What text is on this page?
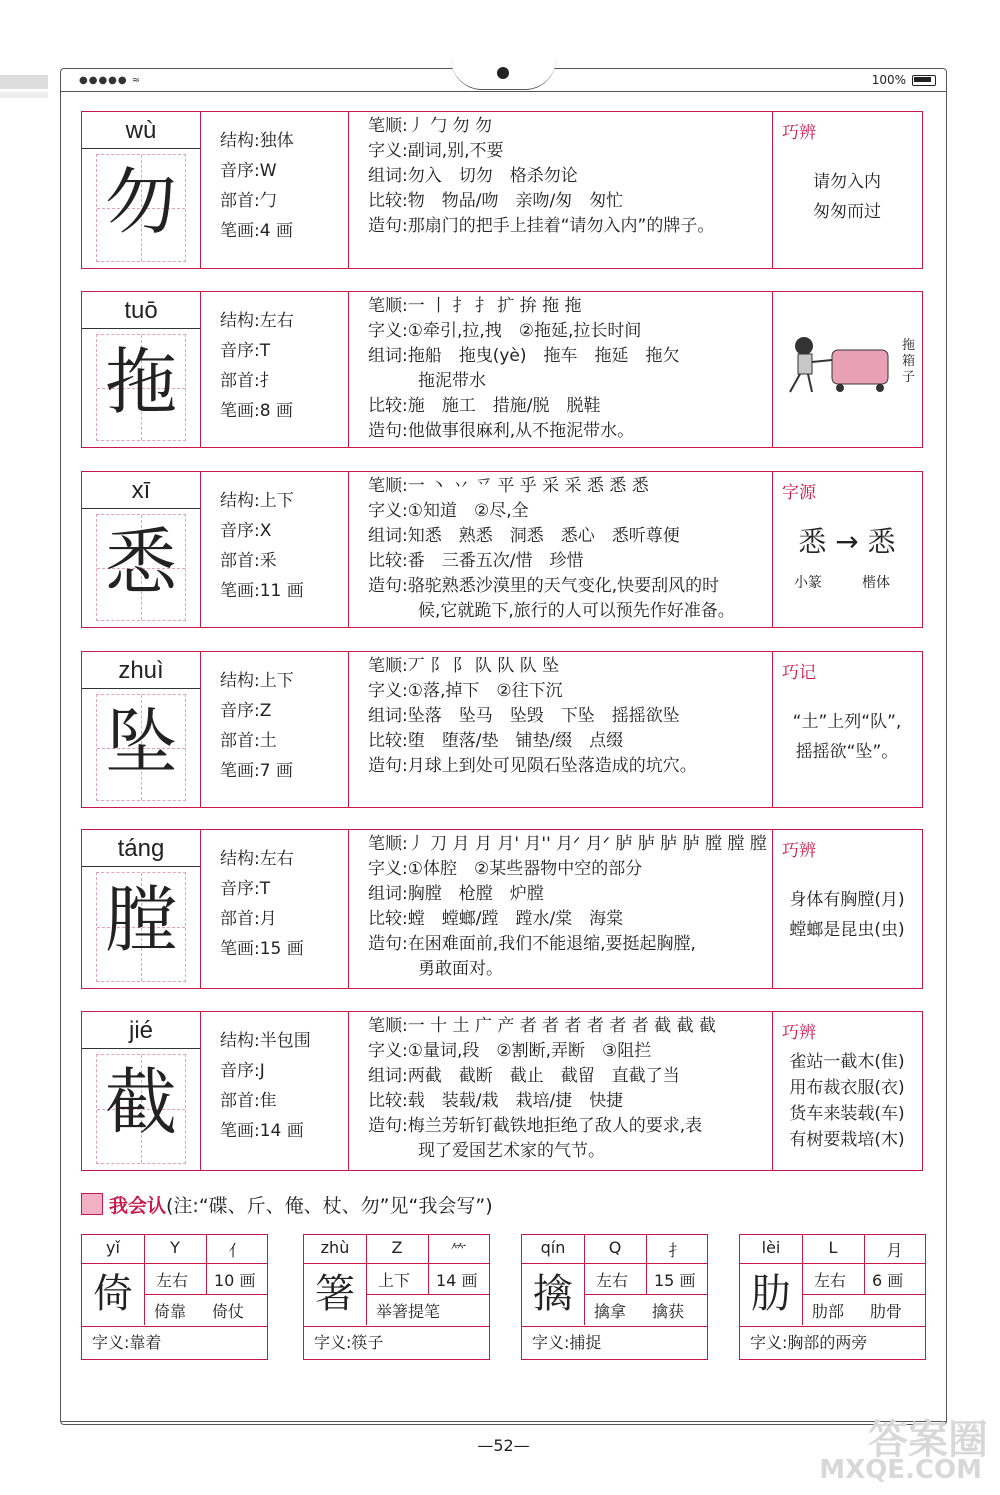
●●●●● ≈	100%
wù
勿
结构:独体
音序:W
部首:勹
笔画:4 画
笔顺:丿 勹 勿 勿
字义:副词,别,不要
组词:勿入　切勿　格杀勿论
比较:物　物品/吻　亲吻/匆　匆忙
造句:那扇门的把手上挂着“请勿入内”的牌子。
巧辨
请勿入内
匆匆而过
tuō
拖
结构:左右
音序:T
部首:扌
笔画:8 画
笔顺:一 丨 扌 扌 扩 拚 拖 拖
字义:①牵引,拉,拽　②拖延,拉长时间
组词:拖船　拖曳(yè)　拖车　拖延　拖欠
拖泥带水
比较:施　施工　措施/脱　脱鞋
造句:他做事很麻利,从不拖泥带水。
拖箱子
xī
悉
结构:上下
音序:X
部首:釆
笔画:11 画
笔顺:一 丶 丷 乊 平 乎 采 采 悉 悉 悉
字义:①知道　②尽,全
组词:知悉　熟悉　洞悉　悉心　悉听尊便
比较:番　三番五次/惜　珍惜
造句:骆驼熟悉沙漠里的天气变化,快要刮风的时
候,它就跪下,旅行的人可以预先作好准备。
字源
悉 → 悉
小篆	楷体
zhuì
坠
结构:上下
音序:Z
部首:土
笔画:7 画
笔顺:丆 阝 阝 队 队 队 坠
字义:①落,掉下　②往下沉
组词:坠落　坠马　坠毁　下坠　摇摇欲坠
比较:堕　堕落/垫　铺垫/缀　点缀
造句:月球上到处可见陨石坠落造成的坑穴。
巧记
“土”上列“队”,
摇摇欲“坠”。
táng
膛
结构:左右
音序:T
部首:月
笔画:15 画
笔顺:丿 刀 月 月 月' 月'' 月ᐟ 月ᐟ 胪 胪 胪 胪 膛 膛 膛
字义:①体腔　②某些器物中空的部分
组词:胸膛　枪膛　炉膛
比较:螳　螳螂/蹚　蹚水/棠　海棠
造句:在困难面前,我们不能退缩,要挺起胸膛,
勇敢面对。
巧辨
身体有胸膛(月)
螳螂是昆虫(虫)
jié
截
结构:半包围
音序:J
部首:隹
笔画:14 画
笔顺:一 十 土 广 产 者 者 者 者 者 者 截 截 截
字义:①量词,段　②割断,弄断　③阻拦
组词:两截　截断　截止　截留　直截了当
比较:载　装载/栽　栽培/捷　快捷
造句:梅兰芳斩钉截铁地拒绝了敌人的要求,表
现了爱国艺术家的气节。
巧辨
雀站一截木(隹)
用布裁衣服(衣)
货车来装载(车)
有树要栽培(木)
我会认(注:“碟、斤、俺、杖、勿”见“我会写”)
yǐ	Y	亻
倚	左右 10 画
倚靠 倚仗
字义:靠着
zhù	Z	⺮
箸	上下 14 画
举箸提笔
字义:筷子
qín	Q	扌
擒	左右 15 画
擒拿 擒获
字义:捕捉
lèi	L	月
肋	左右 6 画
肋部 肋骨
字义:胸部的两旁
—52—	答案圈
MXQE.COM
